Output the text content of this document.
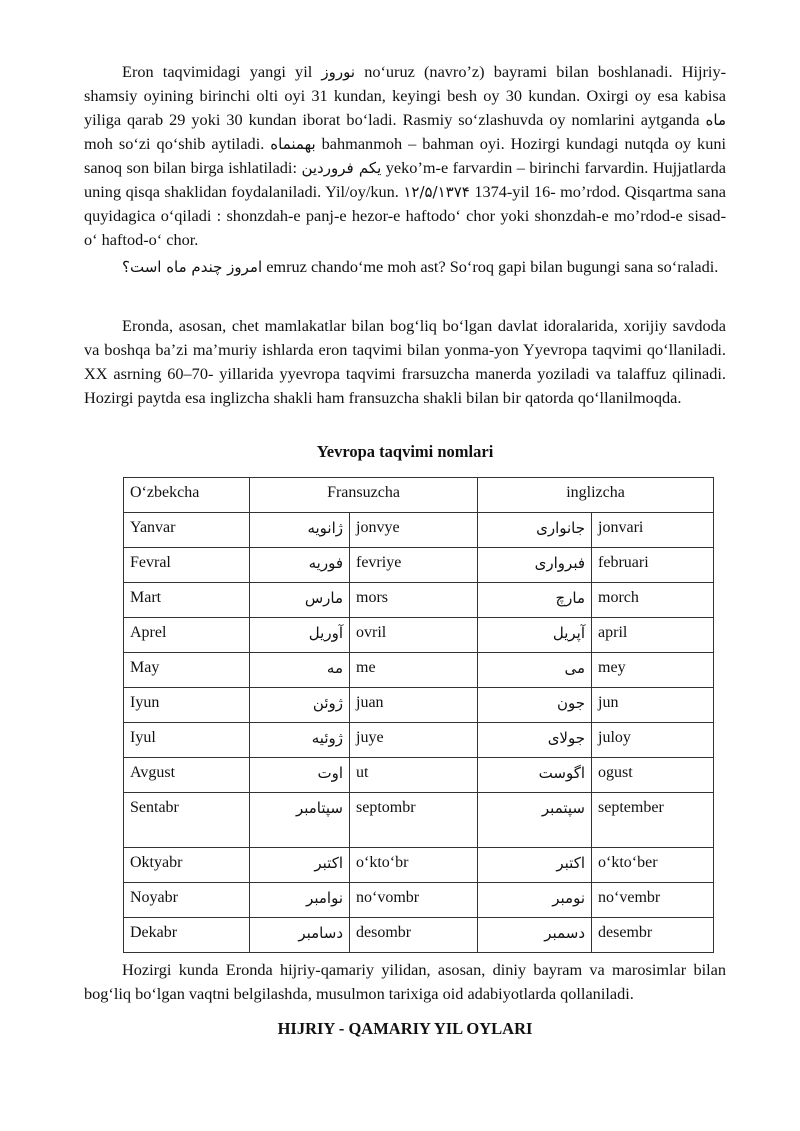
Eron taqvimidagi yangi yil نوروز no‘uruz (navro’z) bayrami bilan boshlanadi. Hijriy-shamsiy oyining birinchi olti oyi 31 kundan, keyingi besh oy 30 kundan. Oxirgi oy esa kabisa yiliga qarab 29 yoki 30 kundan iborat bo‘ladi. Rasmiy so‘zlashuvda oy nomlarini aytganda ماه moh so‘zi qo‘shib aytiladi. بهمنماه bahmanmoh – bahman oyi. Hozirgi kundagi nutqda oy kuni sanoq son bilan birga ishlatiladi: یکم فروردین yeko’m-e farvardin – birinchi farvardin. Hujjatlarda uning qisqa shaklidan foydalaniladi. Yil/oy/kun. ۱۲/۵/۱۳۷۴ 1374-yil 16- mo’rdod. Qisqartma sana quyidagica o‘qiladi : shonzdah-e panj-e hezor-e haftodo‘ chor yoki shonzdah-e mo’rdod-e sisad-o‘ haftod-o‘ chor.

امروز چندم ماه است؟ emruz chando‘me moh ast? So‘roq gapi bilan bugungi sana so‘raladi.

Eronda, asosan, chet mamlakatlar bilan bog‘liq bo‘lgan davlat idoralarida, xorijiy savdoda va boshqa ba’zi ma’muriy ishlarda eron taqvimi bilan yonma-yon Yyevropa taqvimi qo‘llaniladi. XX asrning 60–70- yillarida yyevropa taqvimi frarsuzcha manerda yoziladi va talaffuz qilinadi. Hozirgi paytda esa inglizcha shakli ham fransuzcha shakli bilan bir qatorda qo‘llanilmoqda.

Yevropa taqvimi nomlari

O‘zbekcha	Fransuzcha		inglizcha	
Yanvar	ژانویه	jonvye	جانواری	jonvari
Fevral	فوریه	fevriye	فبرواری	februari
Mart	مارس	mors	مارچ	morch
Aprel	آوریل	ovril	آپریل	april
May	مه	me	می	mey
Iyun	ژوئن	juan	جون	jun
Iyul	ژوئیه	juye	جولای	juloy
Avgust	اوت	ut	اگوست	ogust
Sentabr	سپتامبر	septombr	سپتمبر	september
Oktyabr	اکتبر	o‘kto‘br	اکتبر	o‘kto‘ber
Noyabr	نوامبر	no‘vombr	نومبر	no‘vembr
Dekabr	دسامبر	desombr	دسمبر	desembr

Hozirgi kunda Eronda hijriy-qamariy yilidan, asosan, diniy bayram va marosimlar bilan bog‘liq bo‘lgan vaqtni belgilashda, musulmon tarixiga oid adabiyotlarda qollaniladi.

HIJRIY - QAMARIY YIL OYLARI
